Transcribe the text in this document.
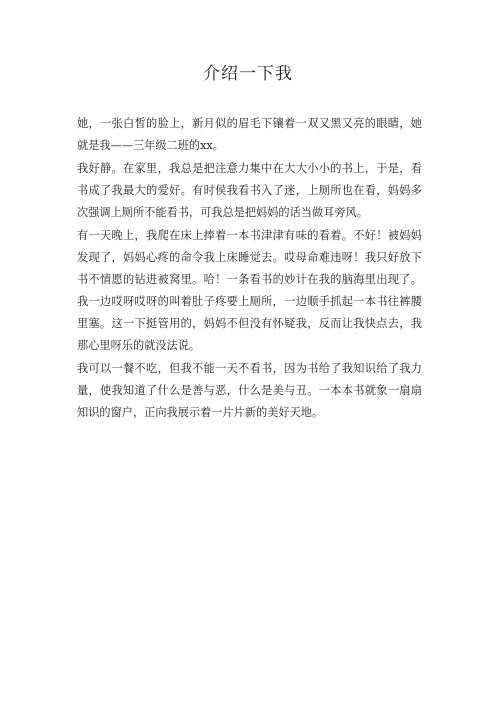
介绍一下我

她，一张白皙的脸上，新月似的眉毛下镶着一双又黑又亮的眼睛，她就是我——三年级二班的xx。

我好静。在家里，我总是把注意力集中在大大小小的书上，于是，看书成了我最大的爱好。有时侯我看书入了迷，上厕所也在看，妈妈多次强调上厕所不能看书，可我总是把妈妈的话当做耳旁风。

有一天晚上，我爬在床上捧着一本书津津有味的看着。不好！被妈妈发现了，妈妈心疼的命令我上床睡觉去。哎母命难违呀！我只好放下书不情愿的钻进被窝里。哈！一条看书的妙计在我的脑海里出现了。我一边哎呀哎呀的叫着肚子疼要上厕所，一边顺手抓起一本书往裤腰里塞。这一下挺管用的，妈妈不但没有怀疑我，反而让我快点去，我那心里呀乐的就没法说。

我可以一餐不吃，但我不能一天不看书，因为书给了我知识给了我力量，使我知道了什么是善与恶，什么是美与丑。一本本书就象一扇扇知识的窗户，正向我展示着一片片新的美好天地。
